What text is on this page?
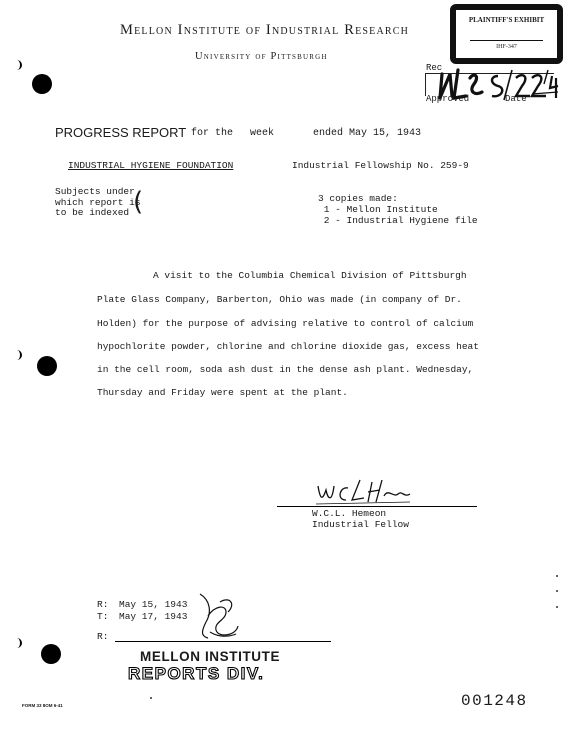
Mellon Institute of Industrial Research
University of Pittsburgh
PLAINTIFF'S EXHIBIT
IHF-347
Rec
Approved	Date
PROGRESS REPORT for the week	ended May 15, 1943
INDUSTRIAL HYGIENE FOUNDATION	Industrial Fellowship No. 259-9
Subjects under
which report is
to be indexed (	3 copies made:
1 - Mellon Institute
2 - Industrial Hygiene file
A visit to the Columbia Chemical Division of Pittsburgh
Plate Glass Company, Barberton, Ohio was made (in company of Dr.
Holden) for the purpose of advising relative to control of calcium
hypochlorite powder, chlorine and chlorine dioxide gas, excess heat
in the cell room, soda ash dust in the dense ash plant. Wednesday,
Thursday and Friday were spent at the plant.
W.C.L. Hemeon
Industrial Fellow
R: May 15, 1943
T: May 17, 1943
R:
MELLON INSTITUTE
REPORTS DIV.
FORM 33 8OM 6-41	001248
